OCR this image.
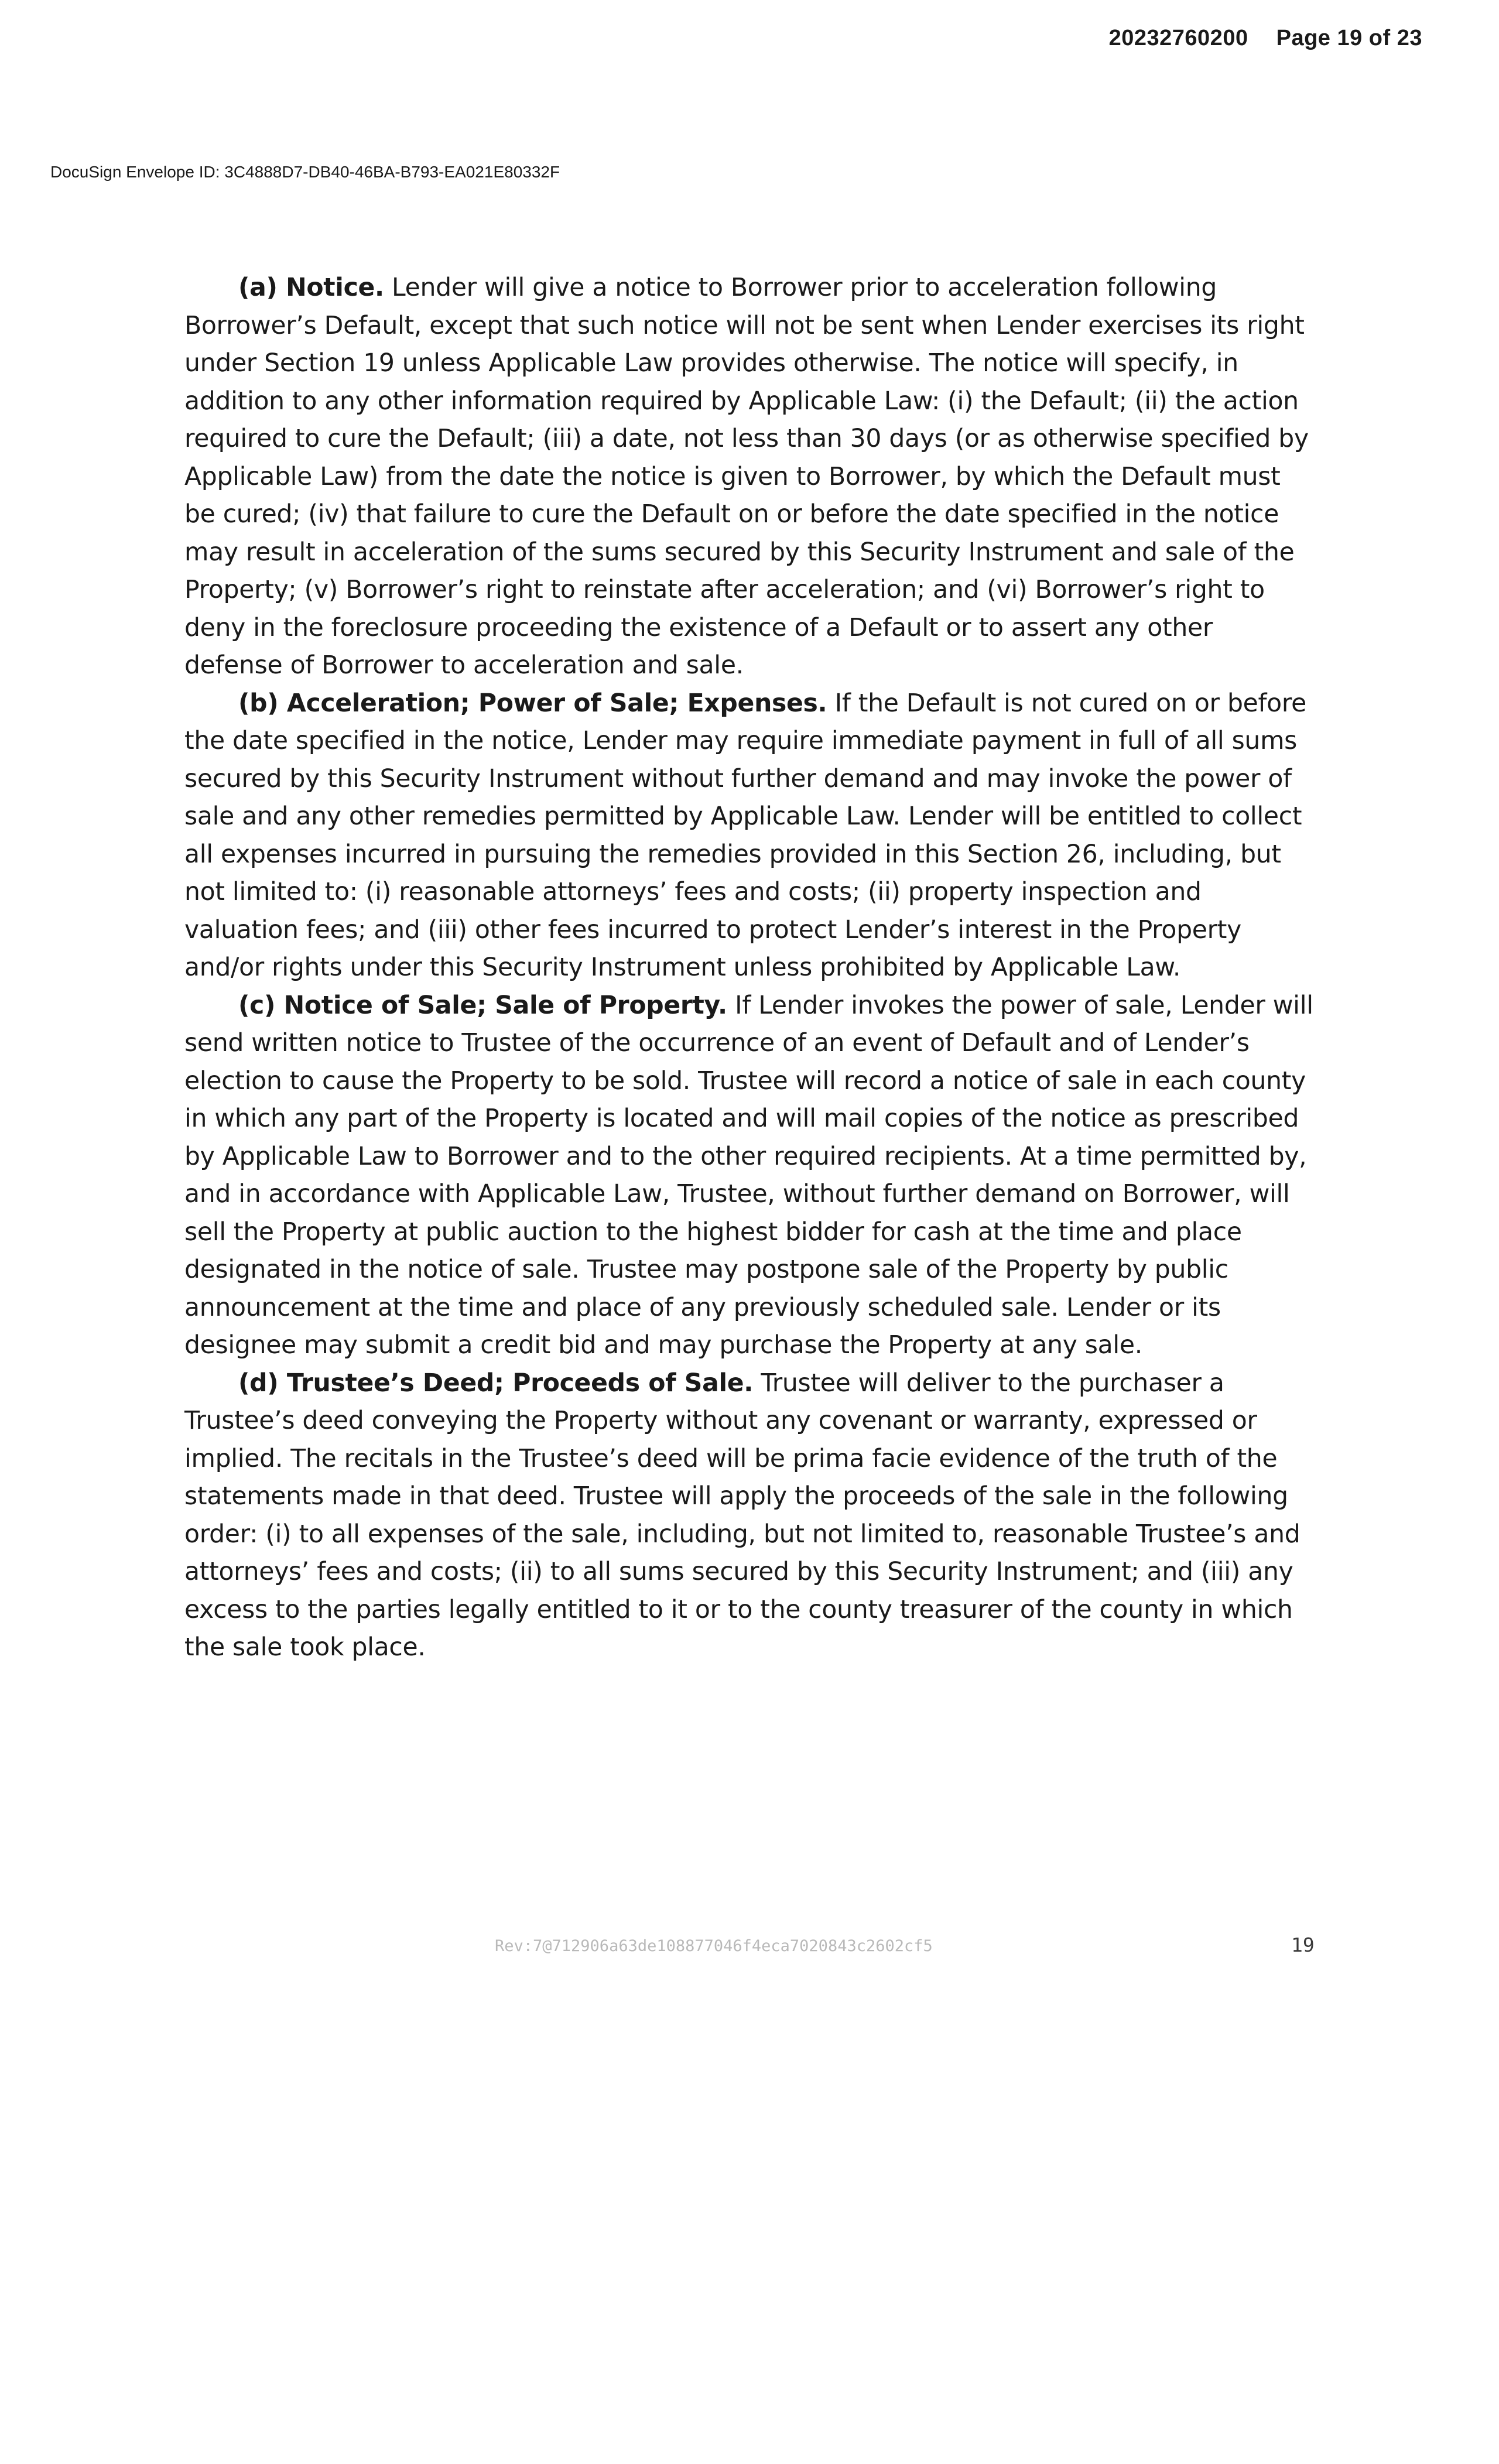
20232760200 Page 19 of 23
DocuSign Envelope ID: 3C4888D7-DB40-46BA-B793-EA021E80332F

(a) Notice. Lender will give a notice to Borrower prior to acceleration following Borrower’s Default, except that such notice will not be sent when Lender exercises its right under Section 19 unless Applicable Law provides otherwise. The notice will specify, in addition to any other information required by Applicable Law: (i) the Default; (ii) the action required to cure the Default; (iii) a date, not less than 30 days (or as otherwise specified by Applicable Law) from the date the notice is given to Borrower, by which the Default must be cured; (iv) that failure to cure the Default on or before the date specified in the notice may result in acceleration of the sums secured by this Security Instrument and sale of the Property; (v) Borrower’s right to reinstate after acceleration; and (vi) Borrower’s right to deny in the foreclosure proceeding the existence of a Default or to assert any other defense of Borrower to acceleration and sale.

(b) Acceleration; Power of Sale; Expenses. If the Default is not cured on or before the date specified in the notice, Lender may require immediate payment in full of all sums secured by this Security Instrument without further demand and may invoke the power of sale and any other remedies permitted by Applicable Law. Lender will be entitled to collect all expenses incurred in pursuing the remedies provided in this Section 26, including, but not limited to: (i) reasonable attorneys’ fees and costs; (ii) property inspection and valuation fees; and (iii) other fees incurred to protect Lender’s interest in the Property and/or rights under this Security Instrument unless prohibited by Applicable Law.

(c) Notice of Sale; Sale of Property. If Lender invokes the power of sale, Lender will send written notice to Trustee of the occurrence of an event of Default and of Lender’s election to cause the Property to be sold. Trustee will record a notice of sale in each county in which any part of the Property is located and will mail copies of the notice as prescribed by Applicable Law to Borrower and to the other required recipients. At a time permitted by, and in accordance with Applicable Law, Trustee, without further demand on Borrower, will sell the Property at public auction to the highest bidder for cash at the time and place designated in the notice of sale. Trustee may postpone sale of the Property by public announcement at the time and place of any previously scheduled sale. Lender or its designee may submit a credit bid and may purchase the Property at any sale.

(d) Trustee’s Deed; Proceeds of Sale. Trustee will deliver to the purchaser a Trustee’s deed conveying the Property without any covenant or warranty, expressed or implied. The recitals in the Trustee’s deed will be prima facie evidence of the truth of the statements made in that deed. Trustee will apply the proceeds of the sale in the following order: (i) to all expenses of the sale, including, but not limited to, reasonable Trustee’s and attorneys’ fees and costs; (ii) to all sums secured by this Security Instrument; and (iii) any excess to the parties legally entitled to it or to the county treasurer of the county in which the sale took place.

Rev:7@712906a63de108877046f4eca7020843c2602cf5	19
